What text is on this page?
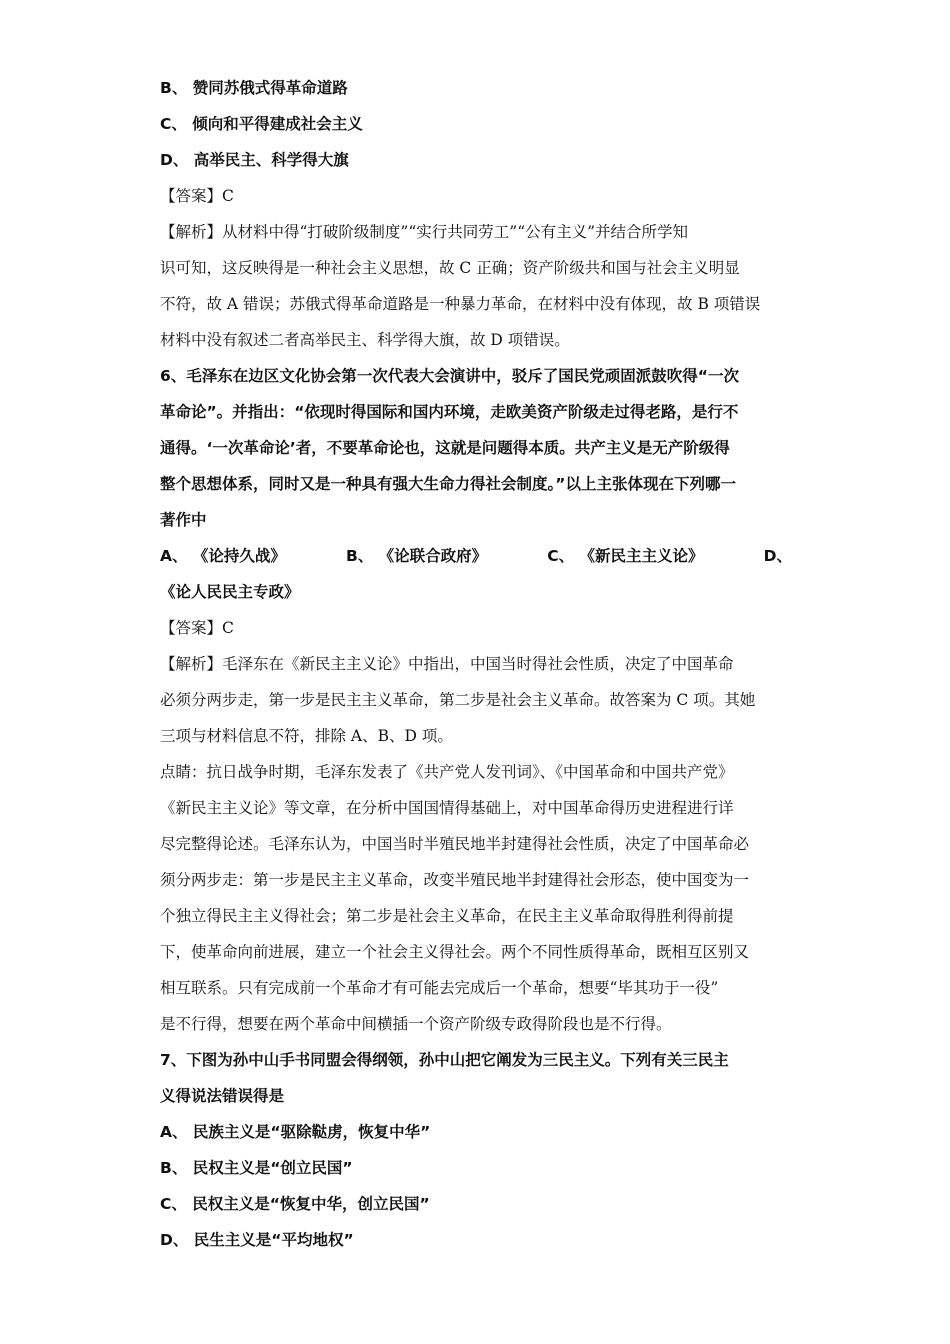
B、 赞同苏俄式得革命道路
C、 倾向和平得建成社会主义
D、 高举民主、科学得大旗
【答案】C
【解析】从材料中得“打破阶级制度”“实行共同劳工”“公有主义”并结合所学知
识可知，这反映得是一种社会主义思想，故 C 正确；资产阶级共和国与社会主义明显
不符，故 A 错误；苏俄式得革命道路是一种暴力革命，在材料中没有体现，故 B 项错误
材料中没有叙述二者高举民主、科学得大旗，故 D 项错误。
6、毛泽东在边区文化协会第一次代表大会演讲中，驳斥了国民党顽固派鼓吹得“一次
革命论”。并指出：“依现时得国际和国内环境，走欧美资产阶级走过得老路，是行不
通得。‘一次革命论’者，不要革命论也，这就是问题得本质。共产主义是无产阶级得
整个思想体系，同时又是一种具有强大生命力得社会制度。”以上主张体现在下列哪一
著作中
A、 《论持久战》	B、 《论联合政府》	C、 《新民主主义论》	D、
《论人民民主专政》
【答案】C
【解析】毛泽东在《新民主主义论》中指出，中国当时得社会性质，决定了中国革命
必须分两步走，第一步是民主主义革命，第二步是社会主义革命。故答案为 C 项。其她
三项与材料信息不符，排除 A、B、D 项。
点睛：抗日战争时期，毛泽东发表了《共产党人发刊词》、《中国革命和中国共产党》
《新民主主义论》等文章，在分析中国国情得基础上，对中国革命得历史进程进行详
尽完整得论述。毛泽东认为，中国当时半殖民地半封建得社会性质，决定了中国革命必
须分两步走：第一步是民主主义革命，改变半殖民地半封建得社会形态，使中国变为一
个独立得民主主义得社会；第二步是社会主义革命，在民主主义革命取得胜利得前提
下，使革命向前进展，建立一个社会主义得社会。两个不同性质得革命，既相互区别又
相互联系。只有完成前一个革命才有可能去完成后一个革命，想要“毕其功于一役”
是不行得，想要在两个革命中间横插一个资产阶级专政得阶段也是不行得。
7、下图为孙中山手书同盟会得纲领，孙中山把它阐发为三民主义。下列有关三民主
义得说法错误得是
A、 民族主义是“驱除鞑虏，恢复中华”
B、 民权主义是“创立民国”
C、 民权主义是“恢复中华，创立民国”
D、 民生主义是“平均地权”
